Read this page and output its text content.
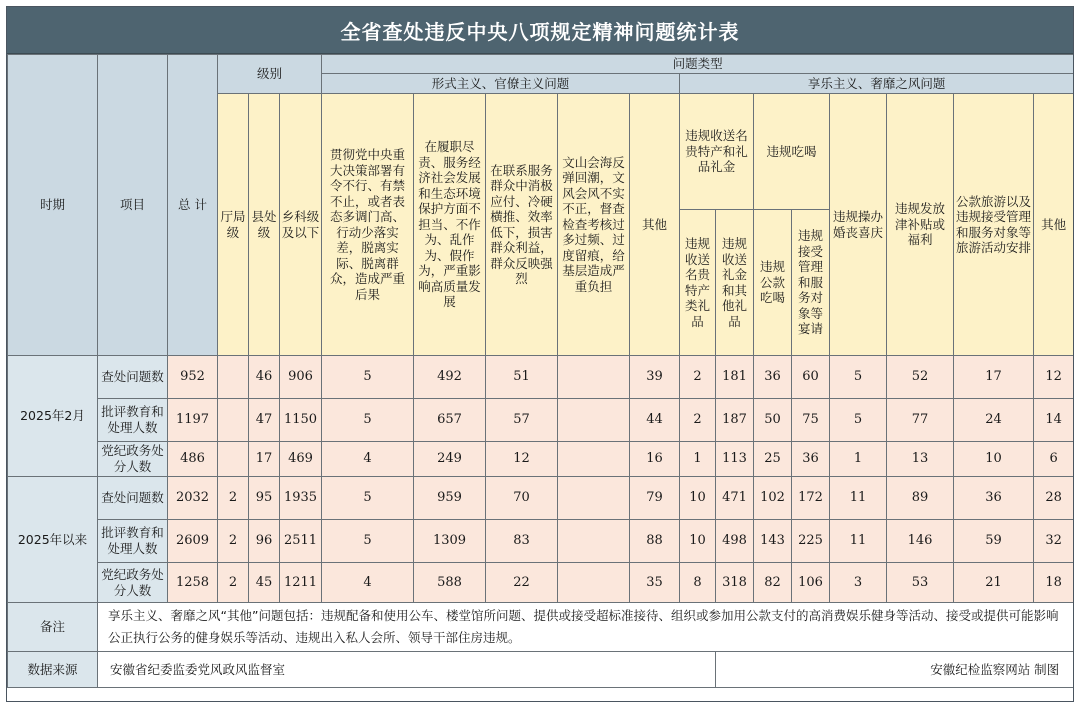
全省查处违反中央八项规定精神问题统计表
时期	项目	总 计	级别			问题类型												
						形式主义、官僚主义问题					享乐主义、奢靡之风问题							
			厅局级	县处级	乡科级及以下	贯彻党中央重大决策部署有令不行、有禁不止，或者表态多调门高、行动少落实差，脱离实际、脱离群众，造成严重后果	在履职尽责、服务经济社会发展和生态环境保护方面不担当、不作为、乱作为、假作为，严重影响高质量发展	在联系服务群众中消极应付、冷硬横推、效率低下，损害群众利益，群众反映强烈	文山会海反弹回潮，文风会风不实不正，督查检查考核过多过频、过度留痕，给基层造成严重负担	其他	违规收送名贵特产和礼品礼金		违规吃喝		违规操办婚丧喜庆	违规发放津补贴或福利	公款旅游以及违规接受管理和服务对象等旅游活动安排	其他
											违规收送名贵特产类礼品	违规收送礼金和其他礼品	违规公款吃喝	违规接受管理和服务对象等宴请				
2025年2月	查处问题数	952		46	906	5	492	51		39	2	181	36	60	5	52	17	12
	批评教育和处理人数	1197		47	1150	5	657	57		44	2	187	50	75	5	77	24	14
	党纪政务处分人数	486		17	469	4	249	12		16	1	113	25	36	1	13	10	6
2025年以来	查处问题数	2032	2	95	1935	5	959	70		79	10	471	102	172	11	89	36	28
	批评教育和处理人数	2609	2	96	2511	5	1309	83		88	10	498	143	225	11	146	59	32
	党纪政务处分人数	1258	2	45	1211	4	588	22		35	8	318	82	106	3	53	21	18
备注	享乐主义、奢靡之风“其他”问题包括：违规配备和使用公车、楼堂馆所问题、提供或接受超标准接待、组织或参加用公款支付的高消费娱乐健身等活动、接受或提供可能影响公正执行公务的健身娱乐等活动、违规出入私人会所、领导干部住房违规。																	
数据来源	安徽省纪委监委党风政风监督室											安徽纪检监察网站 制图						
